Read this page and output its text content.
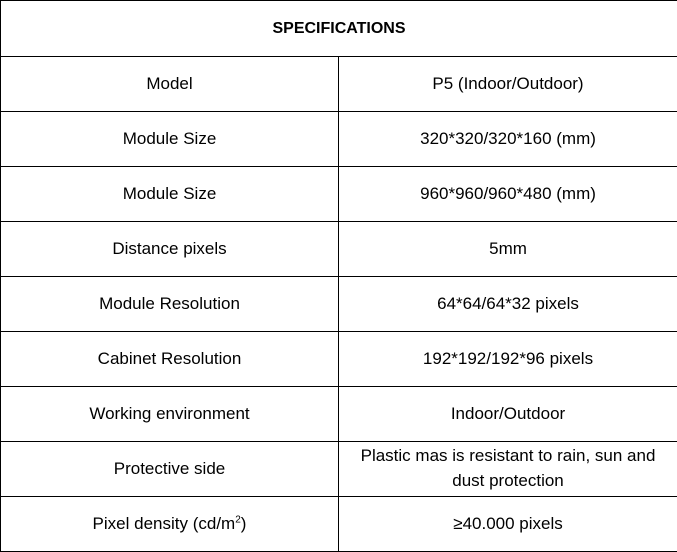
SPECIFICATIONS	
Model	P5 (Indoor/Outdoor)
Module Size	320*320/320*160 (mm)
Module Size	960*960/960*480 (mm)
Distance pixels	5mm
Module Resolution	64*64/64*32 pixels
Cabinet Resolution	192*192/192*96 pixels
Working environment	Indoor/Outdoor
Protective side	Plastic mas is resistant to rain, sun and dust protection
Pixel density $(cd/m^2)$	≥40.000 pixels
